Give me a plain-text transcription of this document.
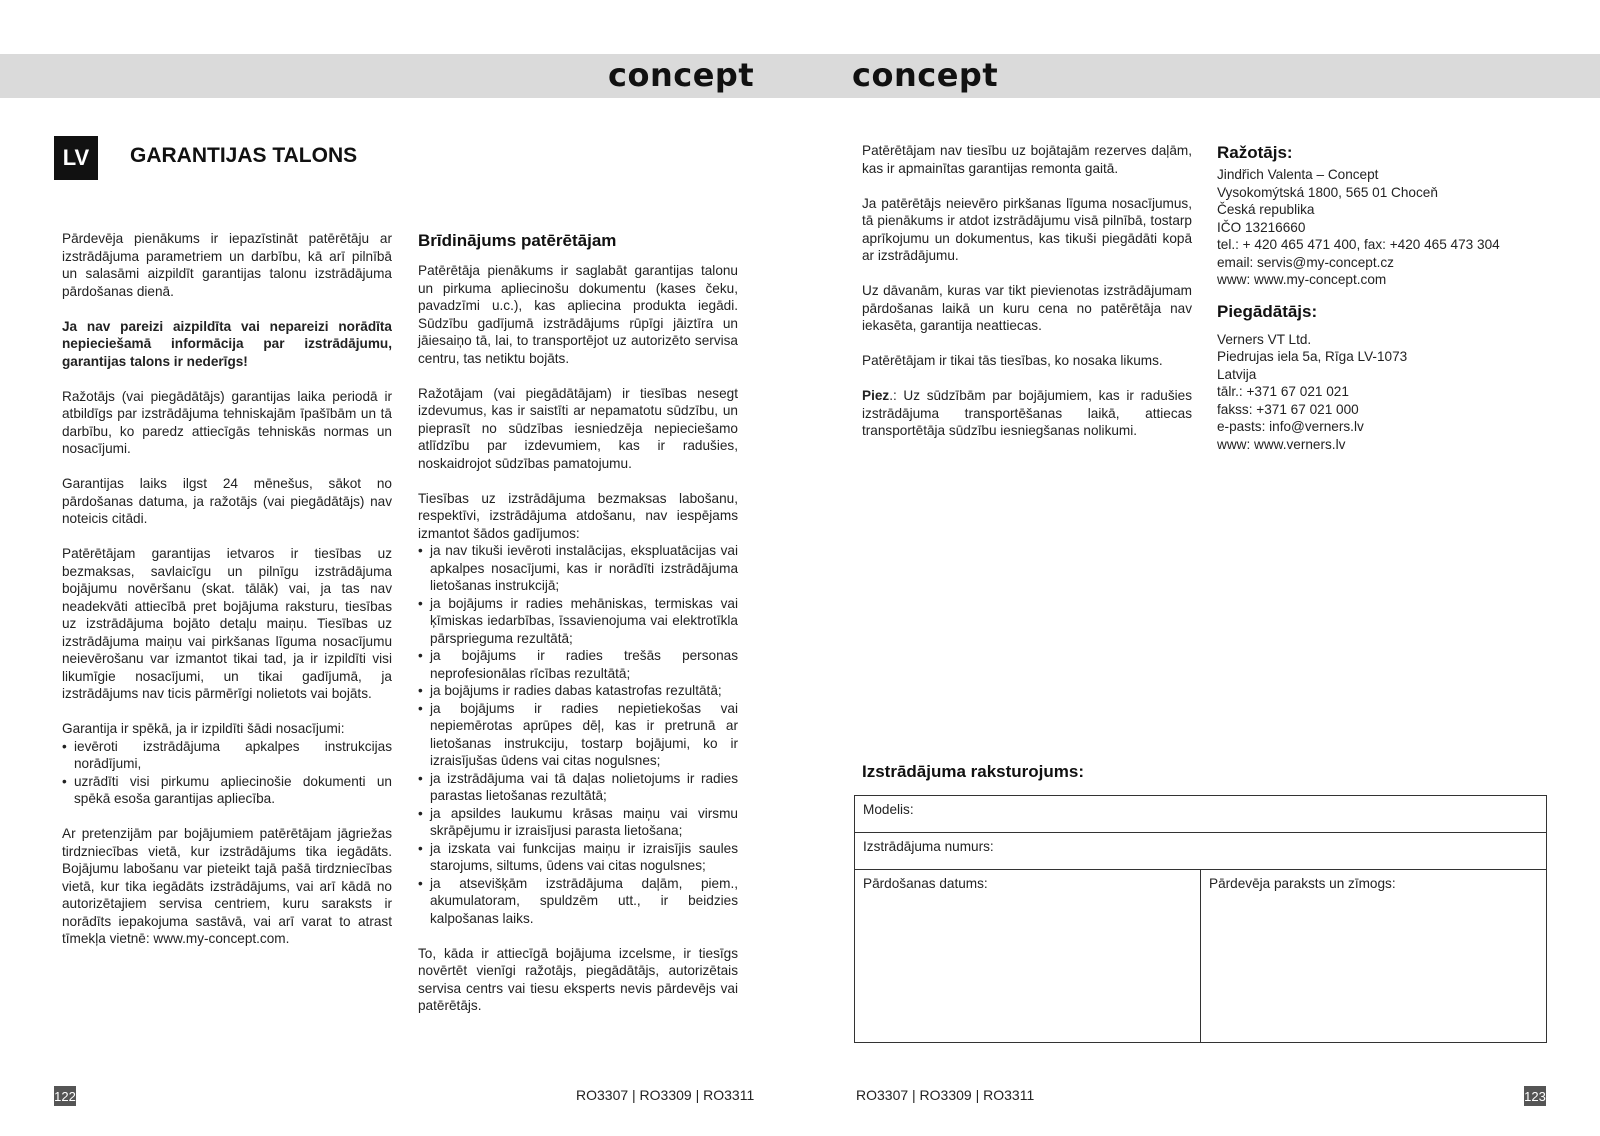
concept	concept
LV	GARANTIJAS TALONS

Pārdevēja pienākums ir iepazīstināt patērētāju ar izstrādājuma parametriem un darbību, kā arī pilnībā un salasāmi aizpildīt garantijas talonu izstrādājuma pārdošanas dienā.

Ja nav pareizi aizpildīta vai nepareizi norādīta nepieciešamā informācija par izstrādājumu, garantijas talons ir nederīgs!

Ražotājs (vai piegādātājs) garantijas laika periodā ir atbildīgs par izstrādājuma tehniskajām īpašībām un tā darbību, ko paredz attiecīgās tehniskās normas un nosacījumi.

Garantijas laiks ilgst 24 mēnešus, sākot no pārdošanas datuma, ja ražotājs (vai piegādātājs) nav noteicis citādi.

Patērētājam garantijas ietvaros ir tiesības uz bezmaksas, savlaicīgu un pilnīgu izstrādājuma bojājumu novēršanu (skat. tālāk) vai, ja tas nav neadekvāti attiecībā pret bojājuma raksturu, tiesības uz izstrādājuma bojāto detaļu maiņu. Tiesības uz izstrādājuma maiņu vai pirkšanas līguma nosacījumu neievērošanu var izmantot tikai tad, ja ir izpildīti visi likumīgie nosacījumi, un tikai gadījumā, ja izstrādājums nav ticis pārmērīgi nolietots vai bojāts.

Garantija ir spēkā, ja ir izpildīti šādi nosacījumi:

• ievēroti izstrādājuma apkalpes instrukcijas norādījumi,
• uzrādīti visi pirkumu apliecinošie dokumenti un spēkā esoša garantijas apliecība.

Ar pretenzijām par bojājumiem patērētājam jāgriežas tirdzniecības vietā, kur izstrādājums tika iegādāts. Bojājumu labošanu var pieteikt tajā pašā tirdzniecības vietā, kur tika iegādāts izstrādājums, vai arī kādā no autorizētajiem servisa centriem, kuru saraksts ir norādīts iepakojuma sastāvā, vai arī varat to atrast tīmekļa vietnē: www.my-concept.com.

Brīdinājums patērētājam

Patērētāja pienākums ir saglabāt garantijas talonu un pirkuma apliecinošu dokumentu (kases čeku, pavadzīmi u.c.), kas apliecina produkta iegādi. Sūdzību gadījumā izstrādājums rūpīgi jāiztīra un jāiesaiņo tā, lai, to transportējot uz autorizēto servisa centru, tas netiktu bojāts.

Ražotājam (vai piegādātājam) ir tiesības nesegt izdevumus, kas ir saistīti ar nepamatotu sūdzību, un pieprasīt no sūdzības iesniedzēja nepieciešamo atlīdzību par izdevumiem, kas ir radušies, noskaidrojot sūdzības pamatojumu.

Tiesības uz izstrādājuma bezmaksas labošanu, respektīvi, izstrādājuma atdošanu, nav iespējams izmantot šādos gadījumos:

• ja nav tikuši ievēroti instalācijas, ekspluatācijas vai apkalpes nosacījumi, kas ir norādīti izstrādājuma lietošanas instrukcijā;
• ja bojājums ir radies mehāniskas, termiskas vai ķīmiskas iedarbības, īssavienojuma vai elektrotīkla pārsprieguma rezultātā;
• ja bojājums ir radies trešās personas neprofesionālas rīcības rezultātā;
• ja bojājums ir radies dabas katastrofas rezultātā;
• ja bojājums ir radies nepietiekošas vai nepiemērotas aprūpes dēļ, kas ir pretrunā ar lietošanas instrukciju, tostarp bojājumi, ko ir izraisījušas ūdens vai citas nogulsnes;
• ja izstrādājuma vai tā daļas nolietojums ir radies parastas lietošanas rezultātā;
• ja apsildes laukumu krāsas maiņu vai virsmu skrāpējumu ir izraisījusi parasta lietošana;
• ja izskata vai funkcijas maiņu ir izraisījis saules starojums, siltums, ūdens vai citas nogulsnes;
• ja atsevišķām izstrādājuma daļām, piem., akumulatoram, spuldzēm utt., ir beidzies kalpošanas laiks.

To, kāda ir attiecīgā bojājuma izcelsme, ir tiesīgs novērtēt vienīgi ražotājs, piegādātājs, autorizētais servisa centrs vai tiesu eksperts nevis pārdevējs vai patērētājs.

Patērētājam nav tiesību uz bojātajām rezerves daļām, kas ir apmainītas garantijas remonta gaitā.

Ja patērētājs neievēro pirkšanas līguma nosacījumus, tā pienākums ir atdot izstrādājumu visā pilnībā, tostarp aprīkojumu un dokumentus, kas tikuši piegādāti kopā ar izstrādājumu.

Uz dāvanām, kuras var tikt pievienotas izstrādājumam pārdošanas laikā un kuru cena no patērētāja nav iekasēta, garantija neattiecas.

Patērētājam ir tikai tās tiesības, ko nosaka likums.

Piez.: Uz sūdzībām par bojājumiem, kas ir radušies izstrādājuma transportēšanas laikā, attiecas transportētāja sūdzību iesniegšanas nolikumi.

Ražotājs:
Jindřich Valenta – Concept
Vysokomýtská 1800, 565 01 Choceň
Česká republika
IČO 13216660
tel.: + 420 465 471 400, fax: +420 465 473 304
email: servis@my-concept.cz
www: www.my-concept.com
Piegādātājs:
Verners VT Ltd.
Piedrujas iela 5a, Rīga LV-1073
Latvija
tālr.: +371 67 021 021
fakss: +371 67 021 000
e-pasts: info@verners.lv
www: www.verners.lv
Izstrādājuma raksturojums:
Modelis:
Izstrādājuma numurs:
Pārdošanas datums:	Pārdevēja paraksts un zīmogs:
122	RO3307 | RO3309 | RO3311	RO3307 | RO3309 | RO3311	123
